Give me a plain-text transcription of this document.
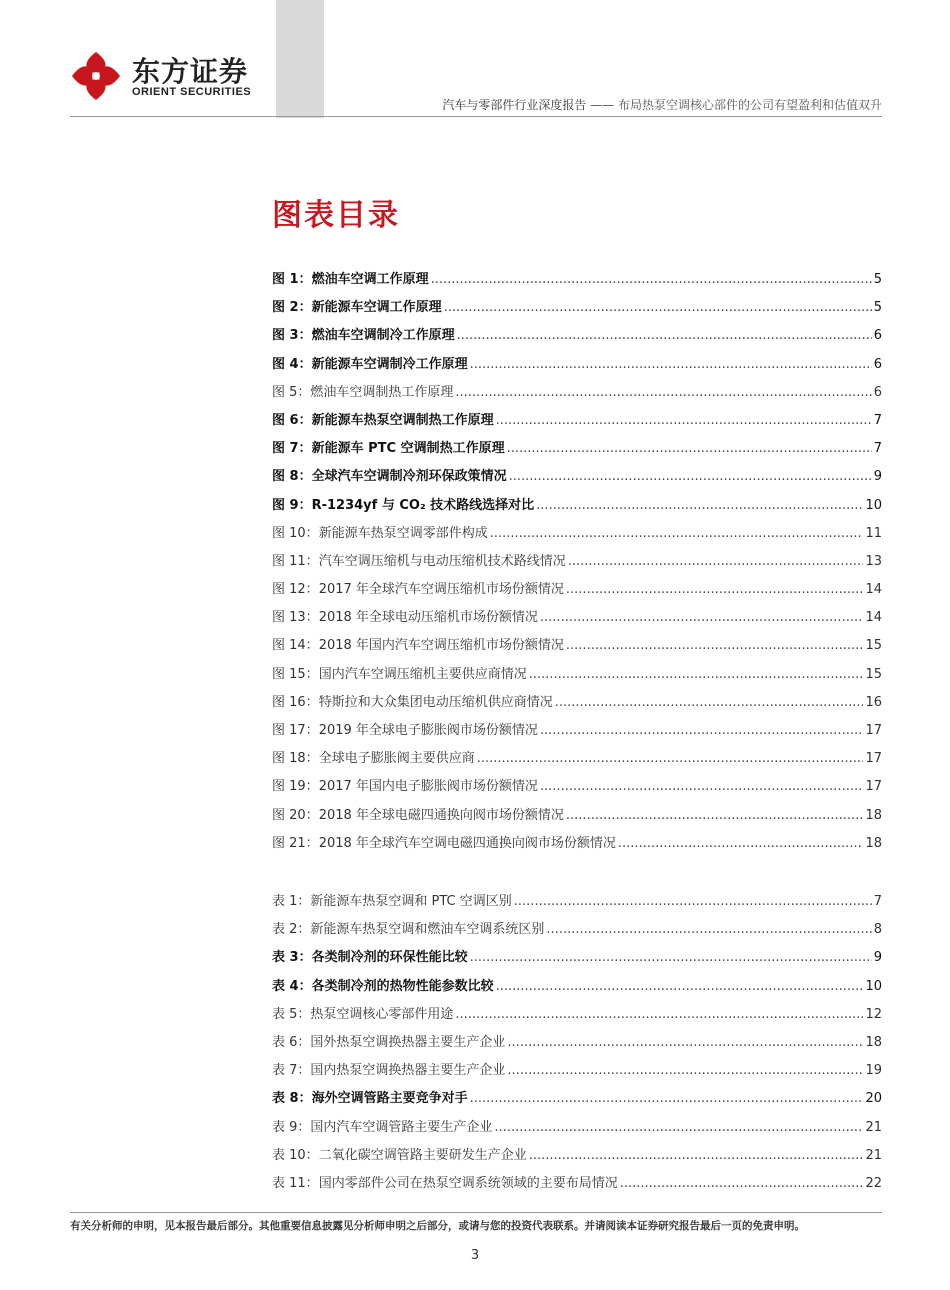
东方证券
ORIENT SECURITIES
汽车与零部件行业深度报告 —— 布局热泵空调核心部件的公司有望盈利和估值双升
图表目录
图 1： 燃油车空调工作原理 .....	5
图 2： 新能源车空调工作原理 .....	5
图 3： 燃油车空调制冷工作原理 .....	6
图 4： 新能源车空调制冷工作原理 .....	6
图 5： 燃油车空调制热工作原理 .....	6
图 6： 新能源车热泵空调制热工作原理 .....	7
图 7： 新能源车 PTC 空调制热工作原理 .....	7
图 8： 全球汽车空调制冷剂环保政策情况 .....	9
图 9： R-1234yf 与 CO₂ 技术路线选择对比 .....	10
图 10： 新能源车热泵空调零部件构成 .....	11
图 11： 汽车空调压缩机与电动压缩机技术路线情况 .....	13
图 12： 2017 年全球汽车空调压缩机市场份额情况 .....	14
图 13： 2018 年全球电动压缩机市场份额情况 .....	14
图 14： 2018 年国内汽车空调压缩机市场份额情况 .....	15
图 15： 国内汽车空调压缩机主要供应商情况 .....	15
图 16： 特斯拉和大众集团电动压缩机供应商情况 .....	16
图 17： 2019 年全球电子膨胀阀市场份额情况 .....	17
图 18： 全球电子膨胀阀主要供应商 .....	17
图 19： 2017 年国内电子膨胀阀市场份额情况 .....	17
图 20： 2018 年全球电磁四通换向阀市场份额情况 .....	18
图 21： 2018 年全球汽车空调电磁四通换向阀市场份额情况 .....	18
表 1： 新能源车热泵空调和 PTC 空调区别 .....	7
表 2： 新能源车热泵空调和燃油车空调系统区别 .....	8
表 3： 各类制冷剂的环保性能比较 .....	9
表 4： 各类制冷剂的热物性能参数比较 .....	10
表 5： 热泵空调核心零部件用途 .....	12
表 6： 国外热泵空调换热器主要生产企业 .....	18
表 7： 国内热泵空调换热器主要生产企业 .....	19
表 8： 海外空调管路主要竞争对手 .....	20
表 9： 国内汽车空调管路主要生产企业 .....	21
表 10： 二氧化碳空调管路主要研发生产企业 .....	21
表 11： 国内零部件公司在热泵空调系统领域的主要布局情况 .....	22
有关分析师的申明，见本报告最后部分。其他重要信息披露见分析师申明之后部分，或请与您的投资代表联系。并请阅读本证券研究报告最后一页的免责申明。
3
